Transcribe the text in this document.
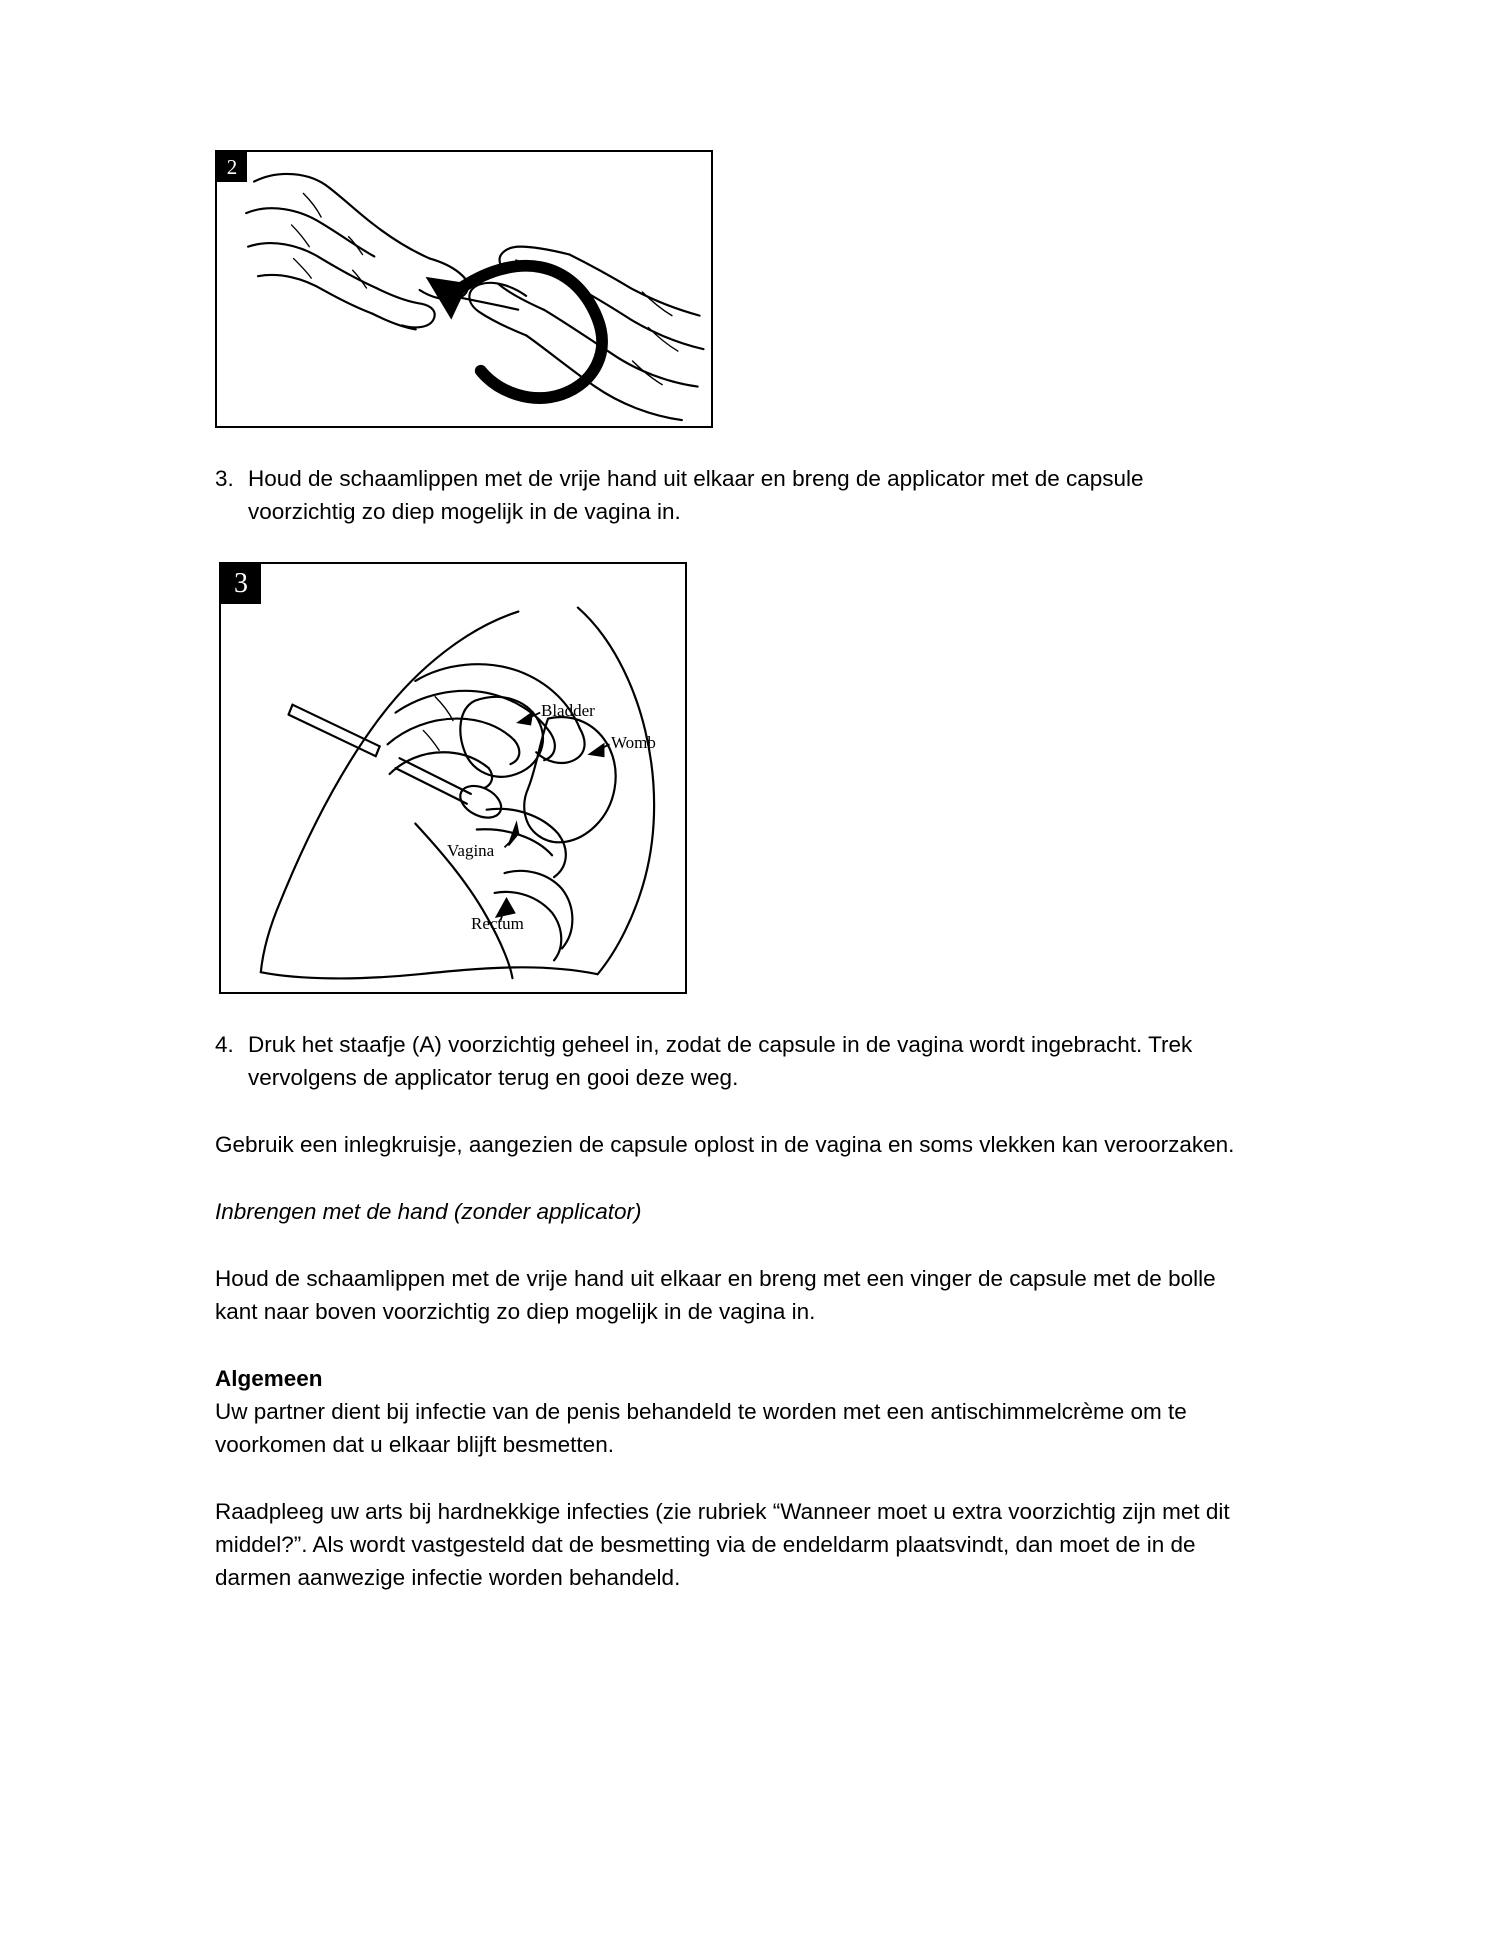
2
3. Houd de schaamlippen met de vrije hand uit elkaar en breng de applicator met de capsule voorzichtig zo diep mogelijk in de vagina in.
3
Bladder
Womb
Vagina
Rectum
4. Druk het staafje (A) voorzichtig geheel in, zodat de capsule in de vagina wordt ingebracht. Trek vervolgens de applicator terug en gooi deze weg.

Gebruik een inlegkruisje, aangezien de capsule oplost in de vagina en soms vlekken kan veroorzaken.

Inbrengen met de hand (zonder applicator)

Houd de schaamlippen met de vrije hand uit elkaar en breng met een vinger de capsule met de bolle kant naar boven voorzichtig zo diep mogelijk in de vagina in.

Algemeen

Uw partner dient bij infectie van de penis behandeld te worden met een antischimmelcrème om te voorkomen dat u elkaar blijft besmetten.

Raadpleeg uw arts bij hardnekkige infecties (zie rubriek “Wanneer moet u extra voorzichtig zijn met dit middel?”. Als wordt vastgesteld dat de besmetting via de endeldarm plaatsvindt, dan moet de in de darmen aanwezige infectie worden behandeld.
